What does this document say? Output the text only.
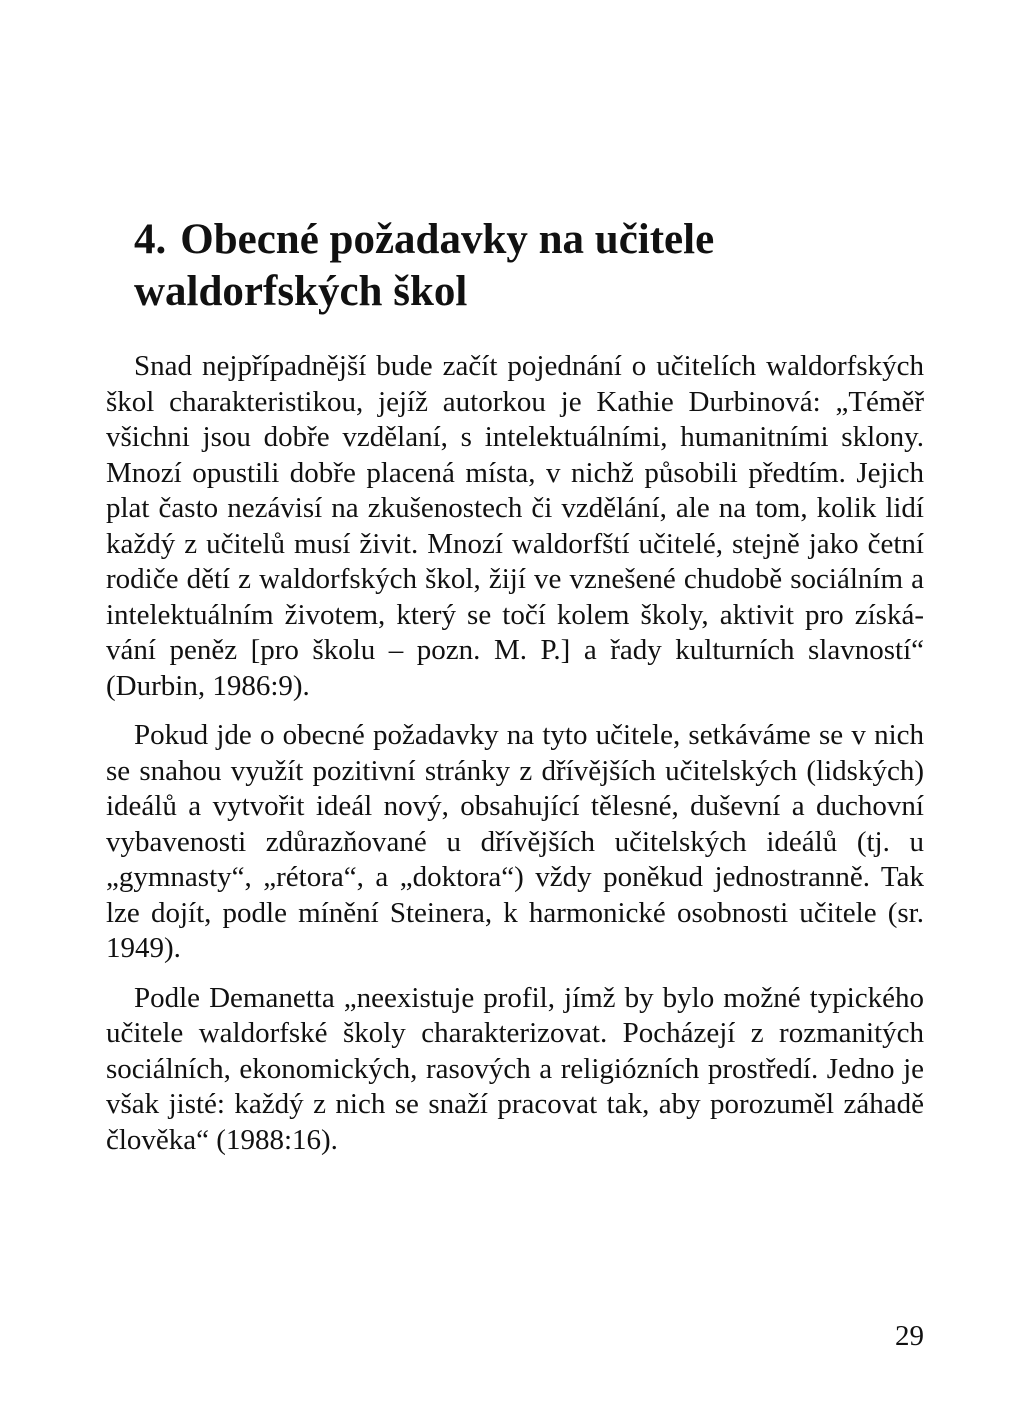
4. Obecné požadavky na učitele waldorfských škol

Snad nejpřípadnější bude začít pojednání o učitelích waldorfských škol charakteristikou, jejíž autorkou je Kathie Durbinová: „Téměř všichni jsou dobře vzdělaní, s intelektuálními, humanitními sklony. Mnozí opustili dobře placená místa, v nichž působili předtím. Jejich plat často nezávisí na zkušenostech či vzdělání, ale na tom, kolik lidí každý z učitelů musí živit. Mnozí waldorfští učitelé, stejně jako četní rodiče dětí z waldorfských škol, žijí ve vznešené chudobě sociálním a intelektuálním životem, který se točí kolem školy, aktivit pro získávání peněz [pro školu – pozn. M. P.] a řady kulturních slavností“ (Durbin, 1986:9).

Pokud jde o obecné požadavky na tyto učitele, setkáváme se v nich se snahou využít pozitivní stránky z dřívějších učitelských (lidských) ideálů a vytvořit ideál nový, obsahující tělesné, duševní a duchovní vybavenosti zdůrazňované u dřívějších učitelských ideálů (tj. u „gymnasty“, „rétora“, a „doktora“) vždy poněkud jednostranně. Tak lze dojít, podle mínění Steinera, k harmonické osobnosti učitele (sr. 1949).

Podle Demanetta „neexistuje profil, jímž by bylo možné typického učitele waldorfské školy charakterizovat. Pocházejí z rozmanitých sociálních, ekonomických, rasových a religiózních prostředí. Jedno je však jisté: každý z nich se snaží pracovat tak, aby porozuměl záhadě člověka“ (1988:16).

29
